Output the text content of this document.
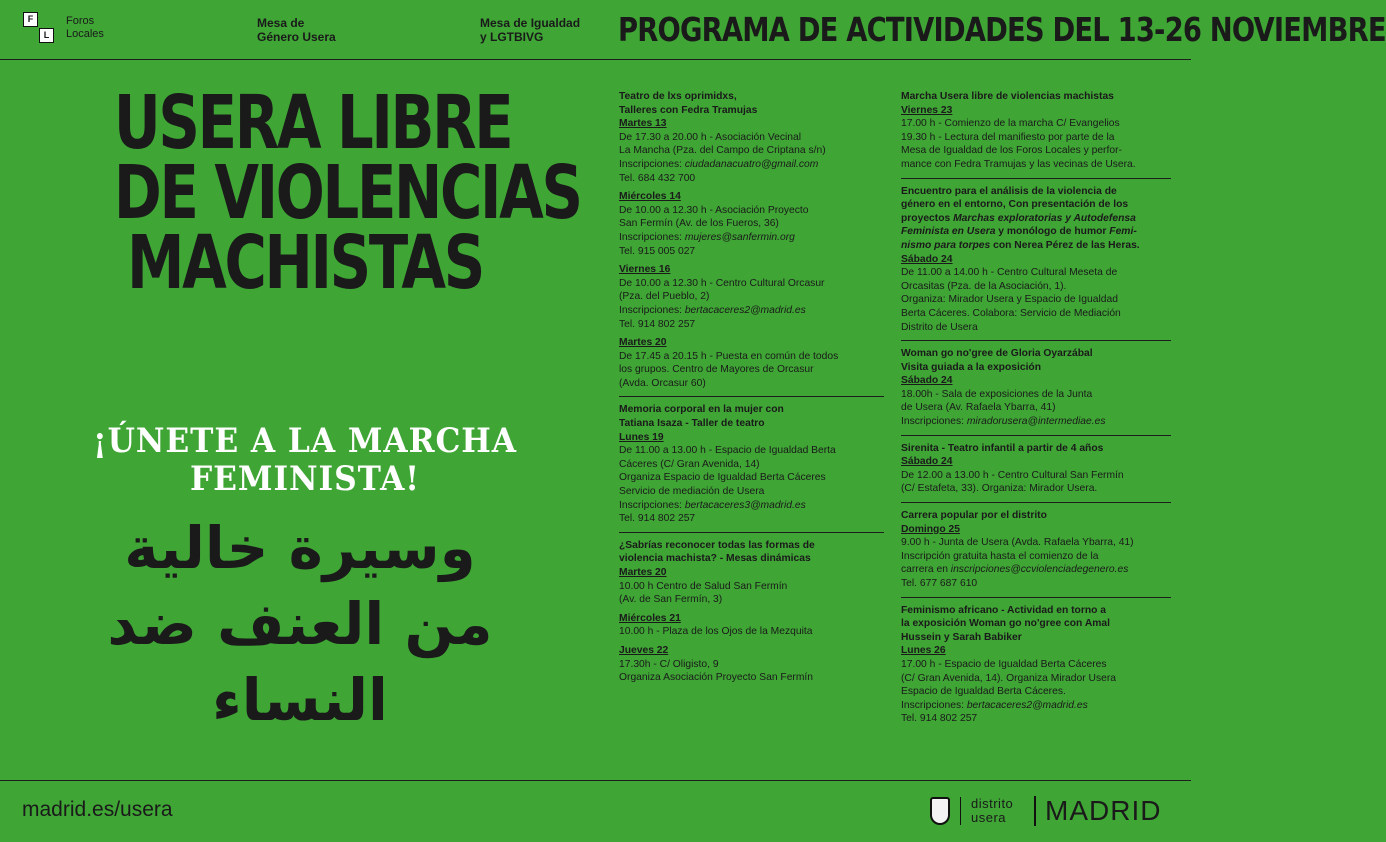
F
L
Foros
Locales
Mesa de
Género Usera
Mesa de Igualdad
y LGTBIVG	PROGRAMA DE ACTIVIDADES DEL 13-26 NOVIEMBRE
USERA LIBRE
DE VIOLENCIAS
MACHISTAS
¡ÚNETE A LA MARCHA
FEMINISTA!
ﻭﺳﻴﺮﺓ ﺧﺎﻟﻴﺔ
ﻣﻦ ﺍﻟﻌﻨﻒ ﺿﺪ
ﺍﻟﻨﺴﺎﺀ
Teatro de lxs oprimidxs,
Talleres con Fedra Tramujas
Martes 13
De 17.30 a 20.00 h - Asociación Vecinal
La Mancha (Pza. del Campo de Criptana s/n)
Inscripciones: ciudadanacuatro@gmail.com
Tel. 684 432 700
Miércoles 14
De 10.00 a 12.30 h - Asociación Proyecto
San Fermín (Av. de los Fueros, 36)
Inscripciones: mujeres@sanfermin.org
Tel. 915 005 027
Viernes 16
De 10.00 a 12.30 h - Centro Cultural Orcasur
(Pza. del Pueblo, 2)
Inscripciones: bertacaceres2@madrid.es
Tel. 914 802 257
Martes 20
De 17.45 a 20.15 h - Puesta en común de todos
los grupos. Centro de Mayores de Orcasur
(Avda. Orcasur 60)
Memoria corporal en la mujer con
Tatiana Isaza - Taller de teatro
Lunes 19
De 11.00 a 13.00 h - Espacio de Igualdad Berta
Cáceres (C/ Gran Avenida, 14)
Organiza Espacio de Igualdad Berta Cáceres
Servicio de mediación de Usera
Inscripciones: bertacaceres3@madrid.es
Tel. 914 802 257
¿Sabrías reconocer todas las formas de
violencia machista? - Mesas dinámicas
Martes 20
10.00 h Centro de Salud San Fermín
(Av. de San Fermín, 3)
Miércoles 21
10.00 h - Plaza de los Ojos de la Mezquita
Jueves 22
17.30h - C/ Oligisto, 9
Organiza Asociación Proyecto San Fermín
Marcha Usera libre de violencias machistas
Viernes 23
17.00 h - Comienzo de la marcha C/ Evangelios
19.30 h - Lectura del manifiesto por parte de la
Mesa de Igualdad de los Foros Locales y perfor-
mance con Fedra Tramujas y las vecinas de Usera.
Encuentro para el análisis de la violencia de
género en el entorno, Con presentación de los
proyectos Marchas exploratorias y Autodefensa
Feminista en Usera y monólogo de humor Femi-
nismo para torpes con Nerea Pérez de las Heras.
Sábado 24
De 11.00 a 14.00 h - Centro Cultural Meseta de
Orcasitas (Pza. de la Asociación, 1).
Organiza: Mirador Usera y Espacio de Igualdad
Berta Cáceres. Colabora: Servicio de Mediación
Distrito de Usera
Woman go no'gree de Gloria Oyarzábal
Visita guiada a la exposición
Sábado 24
18.00h - Sala de exposiciones de la Junta
de Usera (Av. Rafaela Ybarra, 41)
Inscripciones: miradorusera@intermediae.es
Sirenita - Teatro infantil a partir de 4 años
Sábado 24
De 12.00 a 13.00 h - Centro Cultural San Fermín
(C/ Estafeta, 33). Organiza: Mirador Usera.
Carrera popular por el distrito
Domingo 25
9.00 h - Junta de Usera (Avda. Rafaela Ybarra, 41)
Inscripción gratuita hasta el comienzo de la
carrera en inscripciones@ccviolenciadegenero.es
Tel. 677 687 610
Feminismo africano - Actividad en torno a
la exposición Woman go no'gree con Amal
Hussein y Sarah Babiker
Lunes 26
17.00 h - Espacio de Igualdad Berta Cáceres
(C/ Gran Avenida, 14). Organiza Mirador Usera
Espacio de Igualdad Berta Cáceres.
Inscripciones: bertacaceres2@madrid.es
Tel. 914 802 257
madrid.es/usera	distrito
usera MADRID
